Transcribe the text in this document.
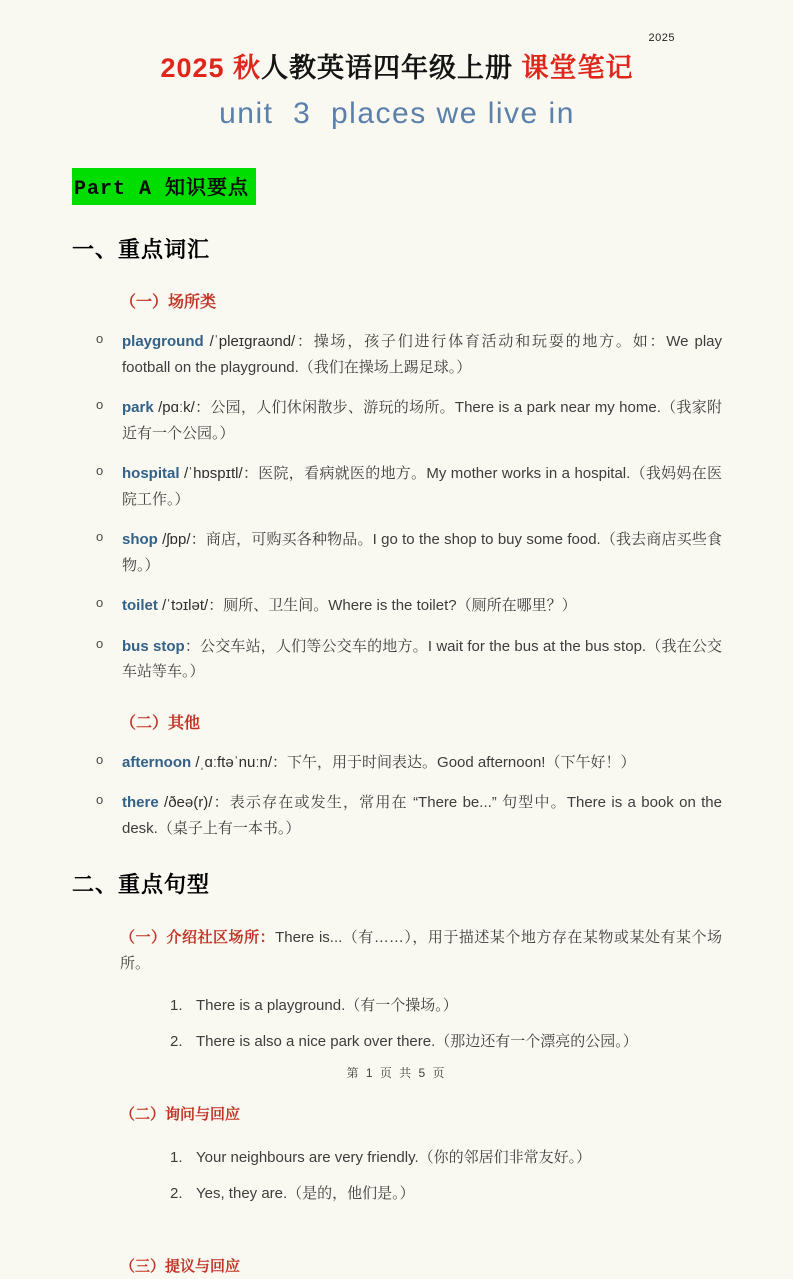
2025
2025 秋人教英语四年级上册 课堂笔记
unit  3  places we live in
Part A 知识要点
一、重点词汇
（一）场所类
o	playground /ˈpleɪɡraʊnd/：操场，孩子们进行体育活动和玩耍的地方。如：We play football on the playground.（我们在操场上踢足球。）

o	park /pɑːk/：公园，人们休闲散步、游玩的场所。There is a park near my home.（我家附近有一个公园。）

o	hospital /ˈhɒspɪtl/：医院，看病就医的地方。My mother works in a hospital.（我妈妈在医院工作。）

o	shop /ʃɒp/：商店，可购买各种物品。I go to the shop to buy some food.（我去商店买些食物。）

o	toilet /ˈtɔɪlət/：厕所、卫生间。Where is the toilet?（厕所在哪里？）

o	bus stop：公交车站，人们等公交车的地方。I wait for the bus at the bus stop.（我在公交车站等车。）

（二）其他
o	afternoon /ˌɑːftəˈnuːn/：下午，用于时间表达。Good afternoon!（下午好！）

o	there /ðeə(r)/：表示存在或发生，常用在 “There be...” 句型中。There is a book on the desk.（桌子上有一本书。）

二、重点句型

（一）介绍社区场所：There is...（有……），用于描述某个地方存在某物或某处有某个场所。

1. There is a playground.（有一个操场。）
2. There is also a nice park over there.（那边还有一个漂亮的公园。）

（二）询问与回应

1. Your neighbours are very friendly.（你的邻居们非常友好。）
2. Yes, they are.（是的，他们是。）

（三）提议与回应

第 1 页 共 5 页
